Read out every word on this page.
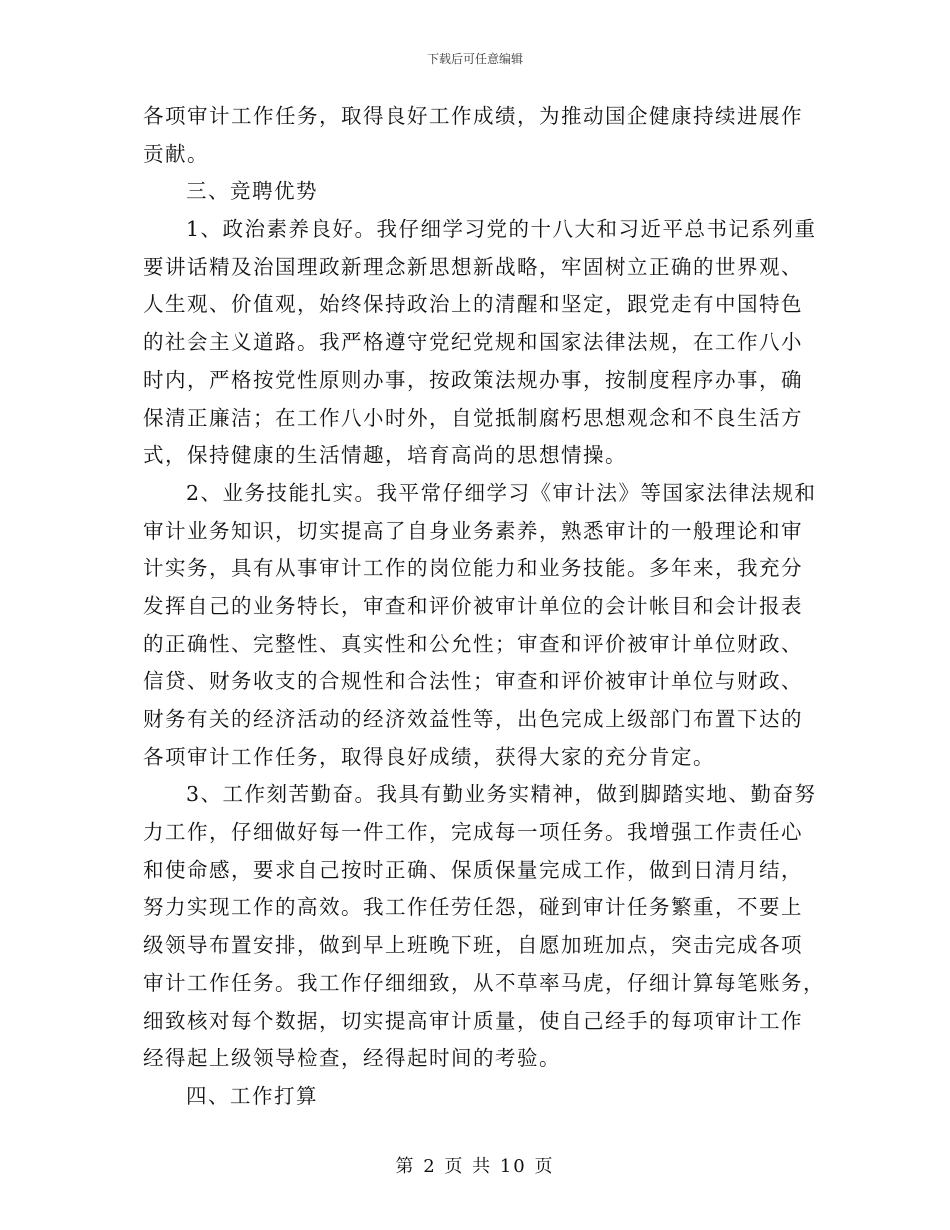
下载后可任意编辑
各项审计工作任务，取得良好工作成绩，为推动国企健康持续进展作
贡献。
三、竞聘优势
1、政治素养良好。我仔细学习党的十八大和习近平总书记系列重
要讲话精及治国理政新理念新思想新战略，牢固树立正确的世界观、
人生观、价值观，始终保持政治上的清醒和坚定，跟党走有中国特色
的社会主义道路。我严格遵守党纪党规和国家法律法规，在工作八小
时内，严格按党性原则办事，按政策法规办事，按制度程序办事，确
保清正廉洁；在工作八小时外，自觉抵制腐朽思想观念和不良生活方
式，保持健康的生活情趣，培育高尚的思想情操。
2、业务技能扎实。我平常仔细学习《审计法》等国家法律法规和
审计业务知识，切实提高了自身业务素养，熟悉审计的一般理论和审
计实务，具有从事审计工作的岗位能力和业务技能。多年来，我充分
发挥自己的业务特长，审查和评价被审计单位的会计帐目和会计报表
的正确性、完整性、真实性和公允性；审查和评价被审计单位财政、
信贷、财务收支的合规性和合法性；审查和评价被审计单位与财政、
财务有关的经济活动的经济效益性等，出色完成上级部门布置下达的
各项审计工作任务，取得良好成绩，获得大家的充分肯定。
3、工作刻苦勤奋。我具有勤业务实精神，做到脚踏实地、勤奋努
力工作，仔细做好每一件工作，完成每一项任务。我增强工作责任心
和使命感，要求自己按时正确、保质保量完成工作，做到日清月结，
努力实现工作的高效。我工作任劳任怨，碰到审计任务繁重，不要上
级领导布置安排，做到早上班晚下班，自愿加班加点，突击完成各项
审计工作任务。我工作仔细细致，从不草率马虎，仔细计算每笔账务，
细致核对每个数据，切实提高审计质量，使自己经手的每项审计工作
经得起上级领导检查，经得起时间的考验。
四、工作打算
第 2 页 共 10 页
